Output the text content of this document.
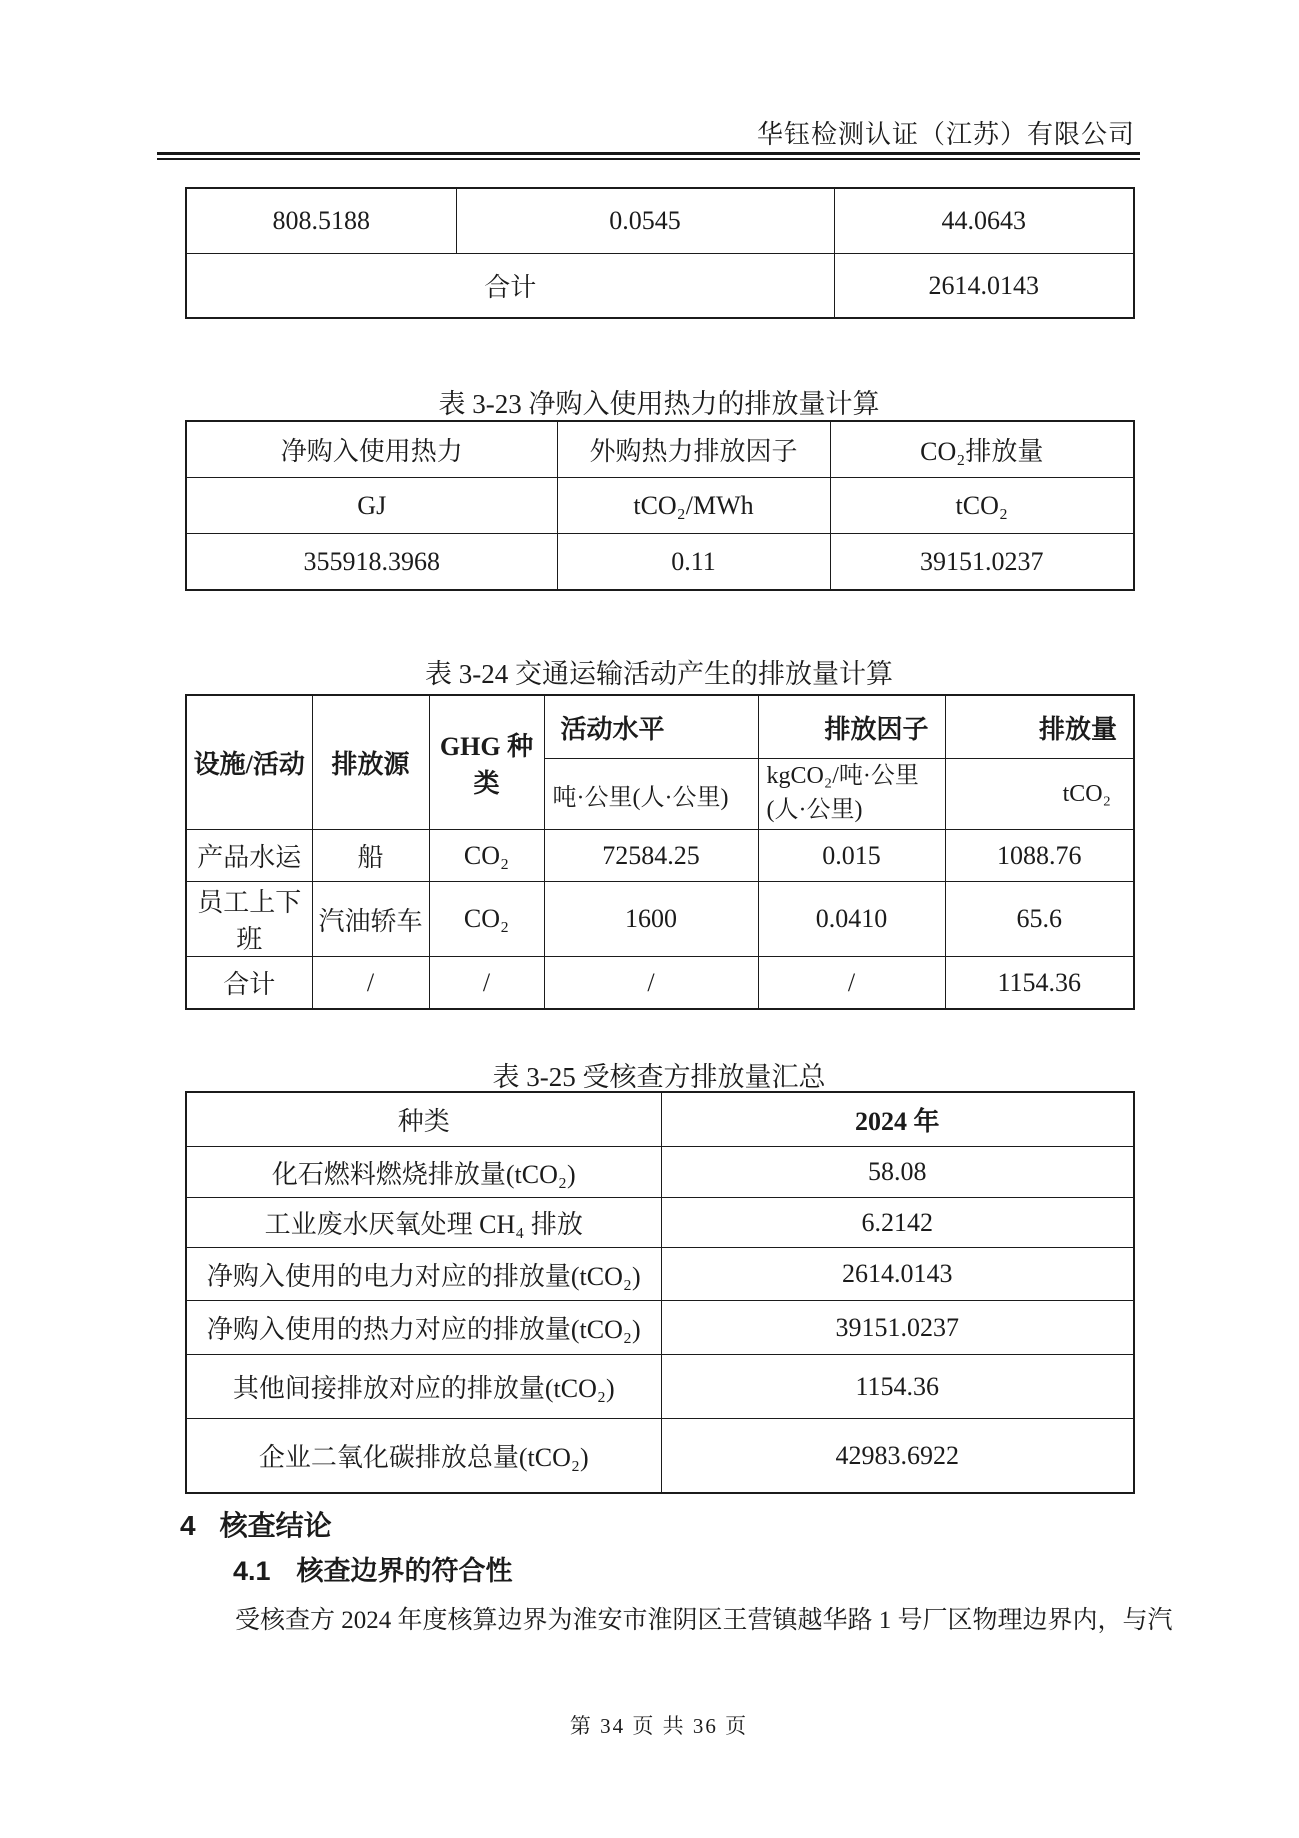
华钰检测认证（江苏）有限公司
808.5188	0.0545	44.0643
合计		2614.0143
表 3-23 净购入使用热力的排放量计算
净购入使用热力	外购热力排放因子	CO₂排放量
GJ	tCO₂/MWh	tCO₂
355918.3968	0.11	39151.0237
表 3-24 交通运输活动产生的排放量计算
设施/活动	排放源	GHG 种类	活动水平	排放因子	排放量
			吨·公里(人·公里)	kgCO₂/吨·公里 (人·公里)	tCO₂
产品水运	船	CO₂	72584.25	0.015	1088.76
员工上下班	汽油轿车	CO₂	1600	0.0410	65.6
合计	/	/	/	/	1154.36
表 3-25 受核查方排放量汇总
种类	2024 年
化石燃料燃烧排放量(tCO₂)	58.08
工业废水厌氧处理 CH₄ 排放	6.2142
净购入使用的电力对应的排放量(tCO₂)	2614.0143
净购入使用的热力对应的排放量(tCO₂)	39151.0237
其他间接排放对应的排放量(tCO₂)	1154.36
企业二氧化碳排放总量(tCO₂)	42983.6922
4 核查结论
4.1 核查边界的符合性
受核查方 2024 年度核算边界为淮安市淮阴区王营镇越华路 1 号厂区物理边界内，与汽
第 34 页 共 36 页
